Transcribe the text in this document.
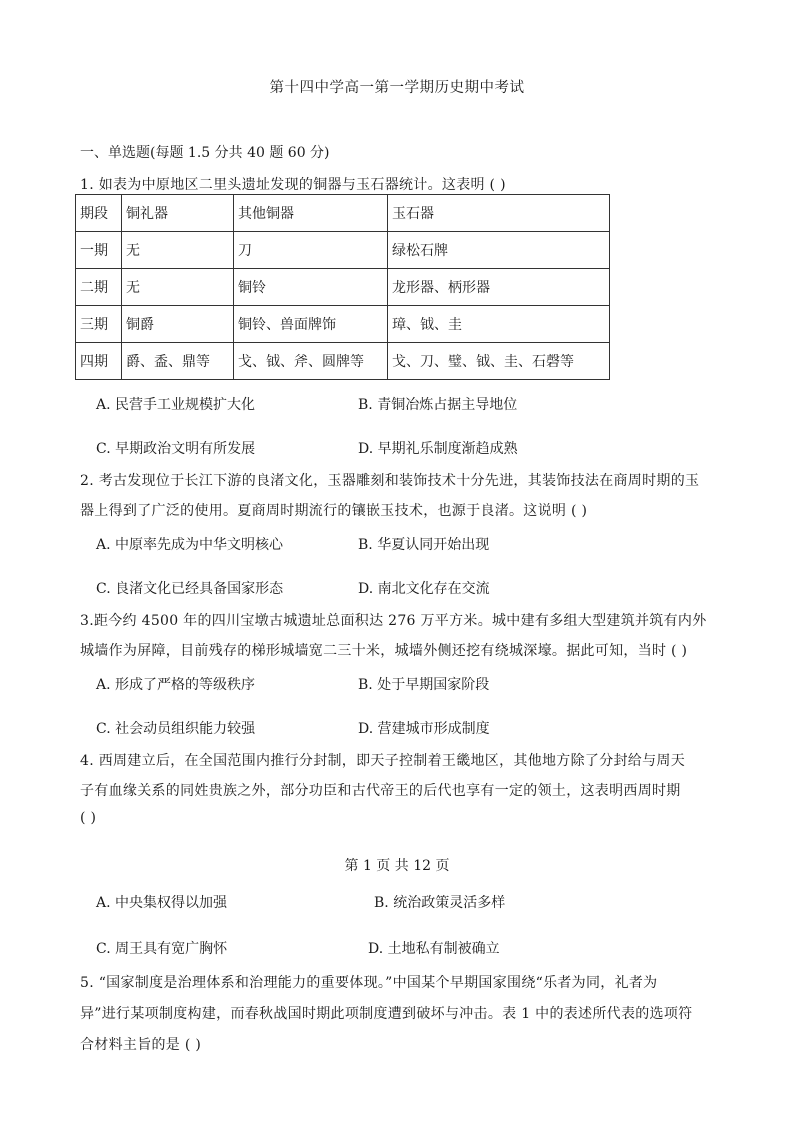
第十四中学高一第一学期历史期中考试
一、单选题(每题 1.5 分共 40 题 60 分)
1. 如表为中原地区二里头遗址发现的铜器与玉石器统计。这表明 ( )
期段	铜礼器	其他铜器	玉石器
一期	无	刀	绿松石牌
二期	无	铜铃	龙形器、柄形器
三期	铜爵	铜铃、兽面牌饰	璋、钺、圭
四期	爵、盉、鼎等	戈、钺、斧、圆牌等	戈、刀、璧、钺、圭、石磬等
A. 民营手工业规模扩大化	B. 青铜冶炼占据主导地位
C. 早期政治文明有所发展	D. 早期礼乐制度渐趋成熟
2. 考古发现位于长江下游的良渚文化，玉器雕刻和装饰技术十分先进，其装饰技法在商周时期的玉
器上得到了广泛的使用。夏商周时期流行的镶嵌玉技术，也源于良渚。这说明 ( )
A. 中原率先成为中华文明核心	B. 华夏认同开始出现
C. 良渚文化已经具备国家形态	D. 南北文化存在交流
3.距今约 4500 年的四川宝墩古城遗址总面积达 276 万平方米。城中建有多组大型建筑并筑有内外
城墙作为屏障，目前残存的梯形城墙宽二三十米，城墙外侧还挖有绕城深壕。据此可知，当时 ( )
A. 形成了严格的等级秩序	B. 处于早期国家阶段
C. 社会动员组织能力较强	D. 营建城市形成制度
4. 西周建立后，在全国范围内推行分封制，即天子控制着王畿地区，其他地方除了分封给与周天
子有血缘关系的同姓贵族之外，部分功臣和古代帝王的后代也享有一定的领土，这表明西周时期
( )
第 1 页 共 12 页
A. 中央集权得以加强	B. 统治政策灵活多样
C. 周王具有宽广胸怀	D. 土地私有制被确立
5. “国家制度是治理体系和治理能力的重要体现。”中国某个早期国家围绕“乐者为同，礼者为
异”进行某项制度构建，而春秋战国时期此项制度遭到破坏与冲击。表 1 中的表述所代表的选项符
合材料主旨的是 ( )
